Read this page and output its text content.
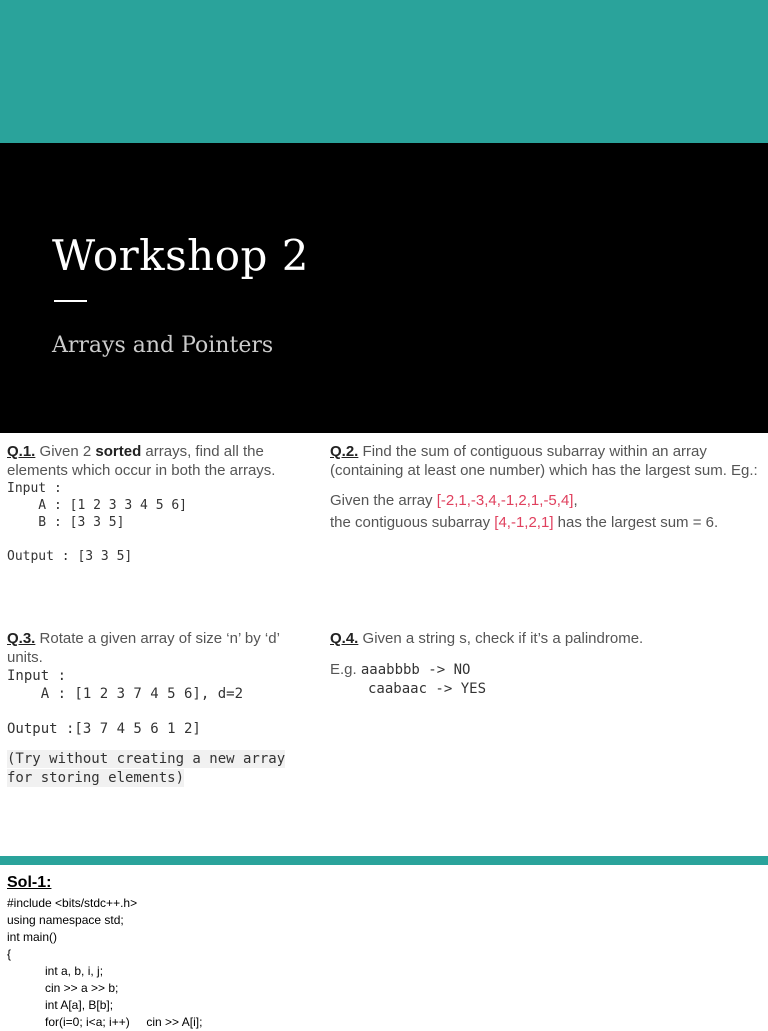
Workshop 2
Arrays and Pointers
Q.1. Given 2 sorted arrays, find all the elements which occur in both the arrays.
Input :
A : [1 2 3 3 4 5 6]
B : [3 3 5]
Output : [3 3 5]
Q.2. Find the sum of contiguous subarray within an array (containing at least one number) which has the largest sum. Eg.:
Given the array [-2,1,-3,4,-1,2,1,-5,4],
the contiguous subarray [4,-1,2,1] has the largest sum = 6.
Q.3. Rotate a given array of size ‘n’ by ‘d’ units.
Input :
A : [1 2 3 7 4 5 6], d=2
Output :[3 7 4 5 6 1 2]
(Try without creating a new array
for storing elements)
Q.4. Given a string s, check if it’s a palindrome.
E.g. aaabbbb -> NO
caabaac -> YES
Sol-1:
#include <bits/stdc++.h>
using namespace std;
int main()
{
int a, b, i, j;
cin >> a >> b;
int A[a], B[b];
for(i=0; i<a; i++)     cin >> A[i];
